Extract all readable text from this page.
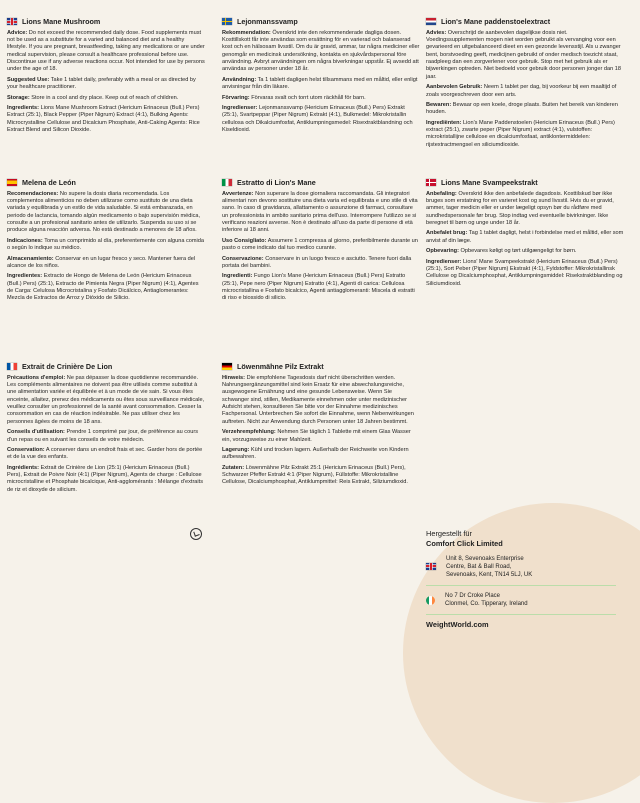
Lions Mane Mushroom

Advice: Do not exceed the recommended daily dose. Food supplements must not be used as a substitute for a varied and balanced diet and a healthy lifestyle. If you are pregnant, breastfeeding, taking any medications or are under medical supervision, please consult a healthcare professional before use. Discontinue use if any adverse reactions occur. Not intended for use by persons under the age of 18.

Suggested Use: Take 1 tablet daily, preferably with a meal or as directed by your healthcare practitioner.

Storage: Store in a cool and dry place. Keep out of reach of children.

Ingredients: Lions Mane Mushroom Extract (Hericium Erinaceus (Bull.) Pers) Extract (25:1), Black Pepper (Piper Nigrum) Extract (4:1), Bulking Agents: Microcrystalline Cellulose and Dicalcium Phosphate, Anti-Caking Agents: Rice Extract Blend and Silicon Dioxide.

Lejonmanssvamp

Rekommendation: Överskrid inte den rekommenderade dagliga dosen. Kosttillskott får inte användas som ersättning för en varierad och balanserad kost och en hälsosam livsstil. Om du är gravid, ammar, tar några mediciner eller genomgår en medicinsk undersökning, kontakta en sjukvårdspersonal före användning. Avbryt användningen om några biverkningar uppstår. Ej avsedd att användas av personer under 18 år.

Användning: Ta 1 tablett dagligen helst tillsammans med en måltid, eller enligt anvisningar från din läkare.

Förvaring: Förvaras svalt och torrt utom räckhåll för barn.

Ingredienser: Lejonmanssvamp (Hericium Erinaceus (Bull.) Pers) Extrakt (25:1), Svartpeppar (Piper Nigrum) Extrakt (4:1), Bulkmedel: Mikrokristallin cellulosa och Dikalciumfosfat, Antiklumpningsmedel: Risextraktblandning och Kiseldioxid.

Lion's Mane paddenstoelextract

Advies: Overschrijd de aanbevolen dagelijkse dosis niet. Voedingssupplementen mogen niet worden gebruikt als vervanging voor een gevarieerd en uitgebalanceerd dieet en een gezonde levensstijl. Als u zwanger bent, borstvoeding geeft, medicijnen gebruikt of onder medisch toezicht staat, raadpleeg dan een zorgverlener voor gebruik. Stop met het gebruik als er bijwerkingen optreden. Niet bedoeld voor gebruik door personen jonger dan 18 jaar.

Aanbevolen Gebruik: Neem 1 tablet per dag, bij voorkeur bij een maaltijd of zoals voorgeschreven door een arts.

Bewaren: Bewaar op een koele, droge plaats. Buiten het bereik van kinderen houden.

Ingrediënten: Lion's Mane Paddenstoelen (Hericium Erinaceus (Bull.) Pers) extract (25:1), zwarte peper (Piper Nigrum) extract (4:1), vulstoffen: microkristallijne cellulose en dicalciumfosfaat, antiklontermiddelen: rijstextractmengsel en siliciumdioxide.

Melena de León

Recomendaciones: No supere la dosis diaria recomendada. Los complementos alimenticios no deben utilizarse como sustituto de una dieta variada y equilibrada y un estilo de vida saludable. Si está embarazada, en periodo de lactancia, tomando algún medicamento o bajo supervisión médica, consulte a un profesional sanitario antes de utilizarlo. Suspenda su uso si se produce alguna reacción adversa. No está destinado a menores de 18 años.

Indicaciones: Toma un comprimido al día, preferentemente con alguna comida o según lo indique su médico.

Almacenamiento: Conservar en un lugar fresco y seco. Mantener fuera del alcance de los niños.

Ingredientes: Extracto de Hongo de Melena de León (Hericium Erinaceus (Bull.) Pers) (25:1), Extracto de Pimienta Negra (Piper Nigrum) (4:1), Agentes de Carga: Celulosa Microcristalina y Fosfato Dicálcico, Antiaglomerantes: Mezcla de Extractos de Arroz y Dióxido de Silicio.

Estratto di Lion's Mane

Avvertenze: Non superare la dose giornaliera raccomandata. Gli integratori alimentari non devono sostituire una dieta varia ed equilibrata e uno stile di vita sano. In caso di gravidanza, allattamento o assunzione di farmaci, consultare un professionista in ambito sanitario prima dell'uso. Interrompere l'utilizzo se si verificano reazioni avverse. Non è destinato all'uso da parte di persone di età inferiore ai 18 anni.

Uso Consigliato: Assumere 1 compressa al giorno, preferibilmente durante un pasto o come indicato dal tuo medico curante.

Conservazione: Conservare in un luogo fresco e asciutto. Tenere fuori dalla portata dei bambini.

Ingredienti: Fungo Lion's Mane (Hericium Erinaceus (Bull.) Pers) Estratto (25:1), Pepe nero (Piper Nigrum) Estratto (4:1), Agenti di carica: Cellulosa microcristallina e Fosfato bicalcico, Agenti antiagglomeranti: Miscela di estratti di riso e biossido di silicio.

Lions Mane Svampeekstrakt

Anbefaling: Overskrid ikke den anbefalede dagsdosis. Kosttilskud bør ikke bruges som erstatning for en varieret kost og sund livsstil. Hvis du er gravid, ammer, tager medicin eller er under lægeligt opsyn bør du rådføre med sundhedspersonale før brug. Stop indtag ved eventuelle bivirkninger. Ikke beregnet til børn og unge under 18 år.

Anbefalet brug: Tag 1 tablet dagligt, helst i forbindelse med et måltid, eller som anvist af din læge.

Opbevaring: Opbevares køligt og tørt utilgængeligt for børn.

Ingredienser: Lions' Mane Svampeekstrakt (Hericium Erinaceus (Bull.) Pers) (25:1), Sort Peber (Piper Nigrum) Ekstrakt (4:1), Fyldstoffer: Mikrokristallinsk Cellulose og Dicalciumphosphat, Antiklumpningsmiddel: Risekstraktblanding og Siliciumdioxid.

Extrait de Crinière De Lion

Précautions d'emploi: Ne pas dépasser la dose quotidienne recommandée. Les compléments alimentaires ne doivent pas être utilisés comme substitut à une alimentation variée et équilibrée et à un mode de vie sain. Si vous êtes enceinte, allaitez, prenez des médicaments ou êtes sous surveillance médicale, veuillez consulter un professionnel de la santé avant consommation. Cesser la consommation en cas de réaction indésirable. Ne pas utiliser chez les personnes âgées de moins de 18 ans.

Conseils d'utilisation: Prendre 1 comprimé par jour, de préférence au cours d'un repas ou en suivant les conseils de votre médecin.

Conservation: A conserver dans un endroit frais et sec. Garder hors de portée et de la vue des enfants.

Ingrédients: Extrait de Crinière de Lion (25:1) (Hericium Erinaceus (Bull.) Pers), Extrait de Poivre Noir (4:1) (Piper Nigrum), Agents de charge : Cellulose microcristalline et Phosphate bicalcique, Anti-agglomérants : Mélange d'extraits de riz et dioxyde de silicium.

Löwenmähne Pilz Extrakt

Hinweis: Die empfohlene Tagesdosis darf nicht überschritten werden. Nahrungsergänzungsmittel sind kein Ersatz für eine abwechslungsreiche, ausgewogene Ernährung und eine gesunde Lebensweise. Wenn Sie schwanger sind, stillen, Medikamente einnehmen oder unter medizinischer Aufsicht stehen, konsultieren Sie bitte vor der Einnahme medizinisches Fachpersonal. Unterbrechen Sie sofort die Einnahme, wenn Nebenwirkungen auftreten. Nicht zur Anwendung durch Personen unter 18 Jahren bestimmt.

Verzehrempfehlung: Nehmen Sie täglich 1 Tablette mit einem Glas Wasser ein, vorzugsweise zu einer Mahlzeit.

Lagerung: Kühl und trocken lagern. Außerhalb der Reichweite von Kindern aufbewahren.

Zutaten: Löwenmähne Pilz Extrakt 25:1 (Hericium Erinaceus (Bull.) Pers), Schwarzer Pfeffer Extrakt 4:1 (Piper Nigrum), Füllstoffe: Mikrokristalline Cellulose, Dicalciumphosphat, Antiklumpmittel: Reis Extrakt, Siliziumdioxid.

Hergestellt für
Comfort Click Limited
Unit 8, Sevenoaks Enterprise
Centre, Bat & Ball Road,
Sevenoaks, Kent, TN14 5LJ, UK
No 7 Dr Croke Place
Clonmel, Co. Tipperary, Ireland
WeightWorld.com
